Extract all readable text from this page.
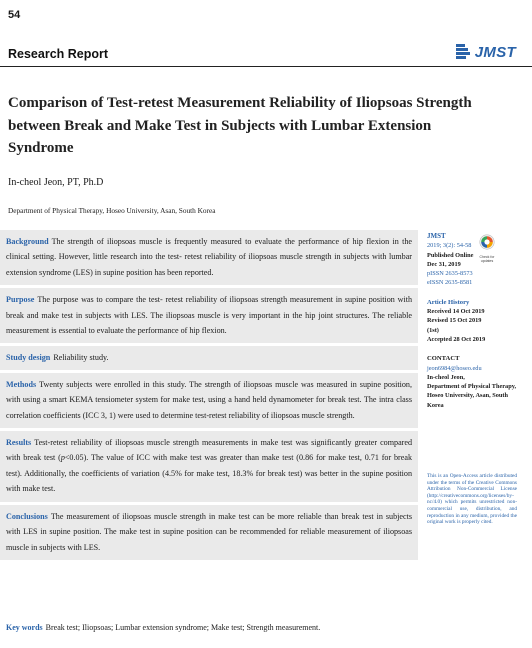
54
Research Report	JMST
Comparison of Test-retest Measurement Reliability of Iliopsoas Strength
between Break and Make Test in Subjects with Lumbar Extension
Syndrome
In-cheol Jeon, PT, Ph.D
Department of Physical Therapy, Hoseo University, Asan, South Korea
Background The strength of iliopsoas muscle is frequently measured to evaluate the performance of hip flexion in the clinical setting. However, little research into the test- retest reliability of iliopsoas muscle strength in subjects with lumbar extension syndrome (LES) in supine position has been reported.
Purpose The purpose was to compare the test- retest reliability of iliopsoas strength measurement in supine position with break and make test in subjects with LES. The iliopsoas muscle is very important in the hip joint structures. The reliable measurement is essential to evaluate the performance of hip flexion.
Study design Reliability study.
Methods Twenty subjects were enrolled in this study. The strength of iliopsoas muscle was measured in supine position, with using a smart KEMA tensiometer system for make test, using a hand held dynamometer for break test. The intra class correlation coefficients (ICC 3, 1) were used to determine test-retest reliability of iliopsoas muscle strength.
Results Test-retest reliability of iliopsoas muscle strength measurements in make test was significantly greater compared with break test (p<0.05). The value of ICC with make test was greater than make test (0.86 for make test, 0.71 for break test). Additionally, the coefficients of variation (4.5% for make test, 18.3% for break test) was better in the supine position with make test.
Conclusions The measurement of iliopsoas muscle strength in make test can be more reliable than break test in subjects with LES in supine position. The make test in supine position can be recommended for reliable measurement of iliopsoas muscle in subjects with LES.
Key words Break test; Iliopsoas; Lumbar extension syndrome; Make test; Strength measurement.
Check for updates
JMST
2019; 3(2): 54-58
Published Online
Dec 31, 2019
pISSN 2635-8573
eISSN 2635-8581
Article History
Received 14 Oct 2019
Revised 15 Oct 2019
(1st)
Accepted 28 Oct 2019
CONTACT
jeon6984@hoseo.edu
In-cheol Jeon,
Department of Physical Therapy, Hoseo University, Asan, South Korea
This is an Open-Access article distributed under the terms of the Creative Commons Attribution Non-Commercial License (http://creativecommons.org/licenses/by-nc/4.0) which permits unrestricted non-commercial use, distribution, and reproduction in any medium, provided the original work is properly cited.
